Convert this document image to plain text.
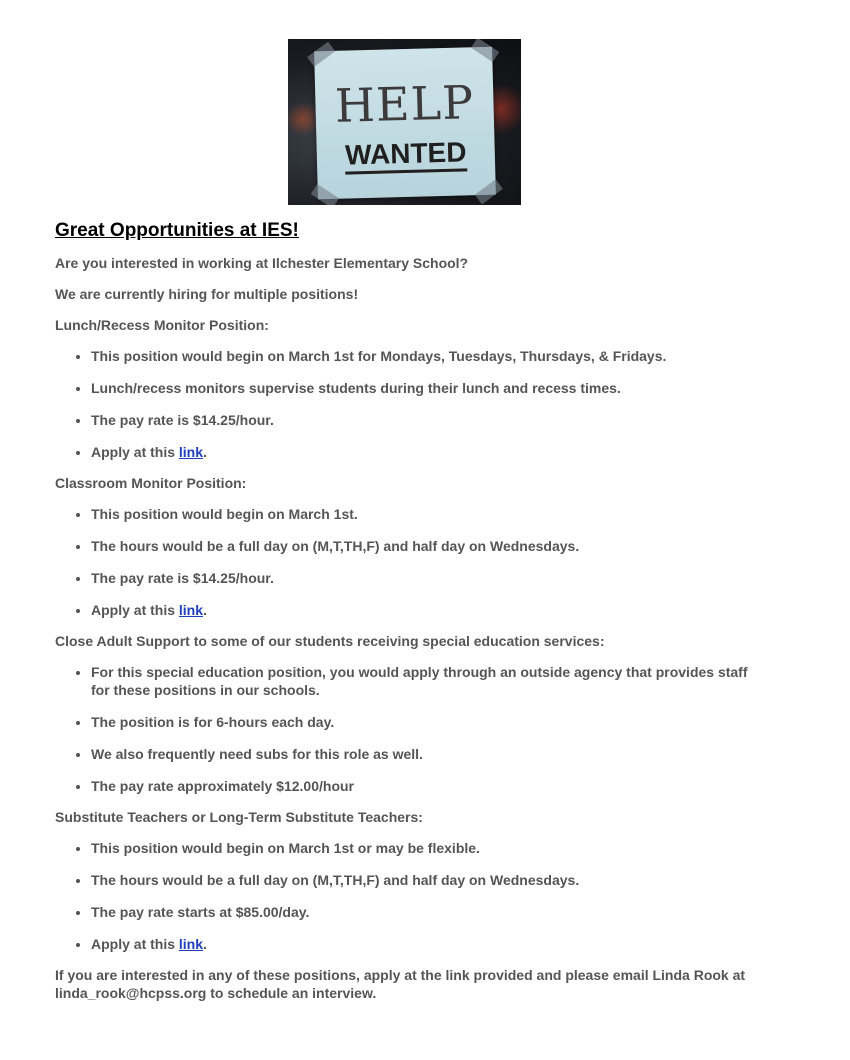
HELP
WANTED
Great Opportunities at IES!

Are you interested in working at Ilchester Elementary School?

We are currently hiring for multiple positions!

Lunch/Recess Monitor Position:

• This position would begin on March 1st for Mondays, Tuesdays, Thursdays, & Fridays.
• Lunch/recess monitors supervise students during their lunch and recess times.
• The pay rate is $14.25/hour.
• Apply at this link.

Classroom Monitor Position:

• This position would begin on March 1st.
• The hours would be a full day on (M,T,TH,F) and half day on Wednesdays.
• The pay rate is $14.25/hour.
• Apply at this link.

Close Adult Support to some of our students receiving special education services:

• For this special education position, you would apply through an outside agency that provides staff for these positions in our schools.
• The position is for 6-hours each day.
• We also frequently need subs for this role as well.
• The pay rate approximately $12.00/hour

Substitute Teachers or Long-Term Substitute Teachers:

• This position would begin on March 1st or may be flexible.
• The hours would be a full day on (M,T,TH,F) and half day on Wednesdays.
• The pay rate starts at $85.00/day.
• Apply at this link.

If you are interested in any of these positions, apply at the link provided and please email Linda Rook at linda_rook@hcpss.org to schedule an interview.
